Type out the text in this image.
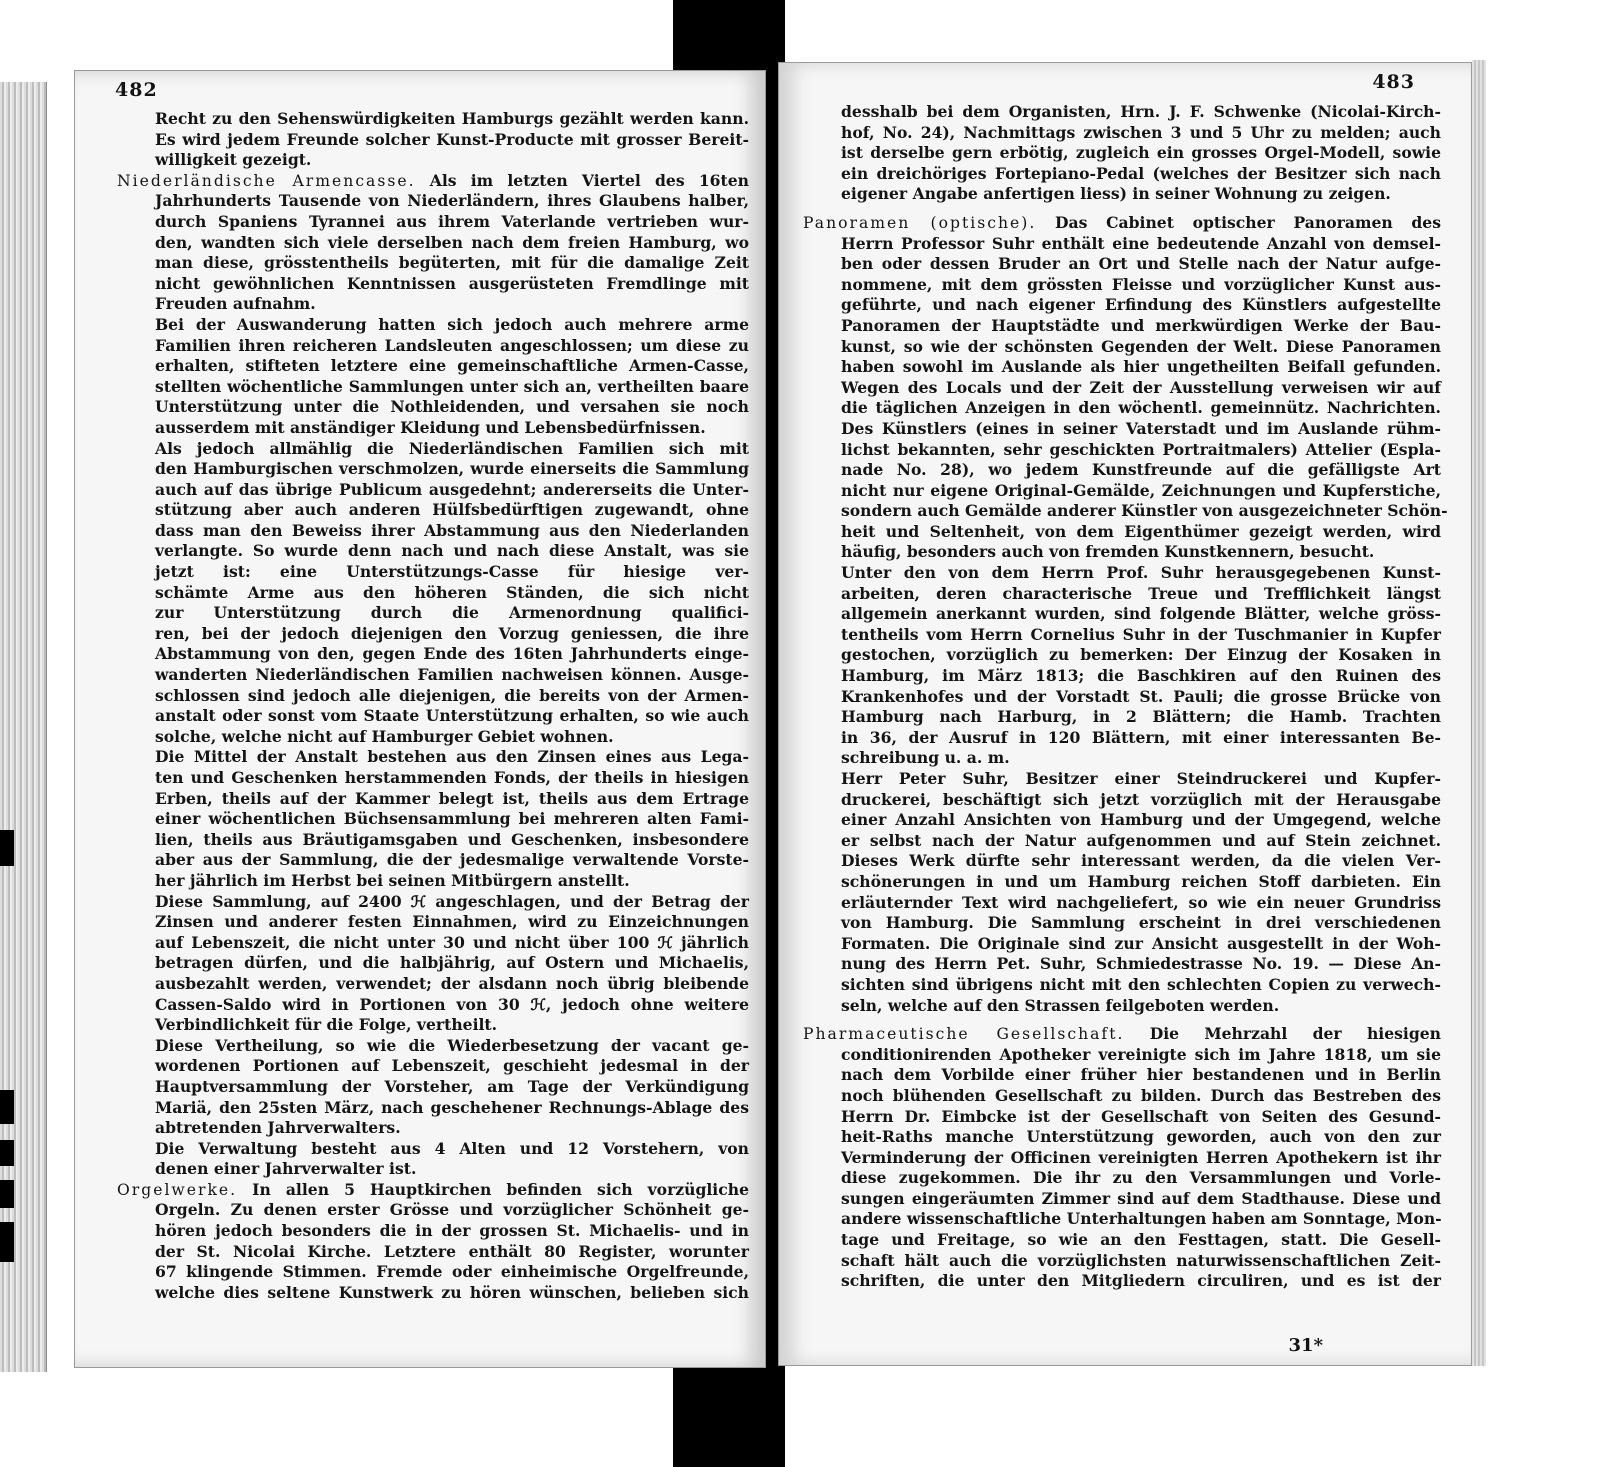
482
Recht zu den Sehenswürdigkeiten Hamburgs gezählt werden kann.
Es wird jedem Freunde solcher Kunst-Producte mit grosser Bereit-
willigkeit gezeigt.
Niederländische Armencasse. Als im letzten Viertel des 16ten
Jahrhunderts Tausende von Niederländern, ihres Glaubens halber,
durch Spaniens Tyrannei aus ihrem Vaterlande vertrieben wur-
den, wandten sich viele derselben nach dem freien Hamburg, wo
man diese, grösstentheils begüterten, mit für die damalige Zeit
nicht gewöhnlichen Kenntnissen ausgerüsteten Fremdlinge mit
Freuden aufnahm.
Bei der Auswanderung hatten sich jedoch auch mehrere arme
Familien ihren reicheren Landsleuten angeschlossen; um diese zu
erhalten, stifteten letztere eine gemeinschaftliche Armen-Casse,
stellten wöchentliche Sammlungen unter sich an, vertheilten baare
Unterstützung unter die Nothleidenden, und versahen sie noch
ausserdem mit anständiger Kleidung und Lebensbedürfnissen.
Als jedoch allmählig die Niederländischen Familien sich mit
den Hamburgischen verschmolzen, wurde einerseits die Sammlung
auch auf das übrige Publicum ausgedehnt; andererseits die Unter-
stützung aber auch anderen Hülfsbedürftigen zugewandt, ohne
dass man den Beweiss ihrer Abstammung aus den Niederlanden
verlangte. So wurde denn nach und nach diese Anstalt, was sie
jetzt ist: eine Unterstützungs-Casse für hiesige ver-
schämte Arme aus den höheren Ständen, die sich nicht
zur Unterstützung durch die Armenordnung qualifici-
ren, bei der jedoch diejenigen den Vorzug geniessen, die ihre
Abstammung von den, gegen Ende des 16ten Jahrhunderts einge-
wanderten Niederländischen Familien nachweisen können. Ausge-
schlossen sind jedoch alle diejenigen, die bereits von der Armen-
anstalt oder sonst vom Staate Unterstützung erhalten, so wie auch
solche, welche nicht auf Hamburger Gebiet wohnen.
Die Mittel der Anstalt bestehen aus den Zinsen eines aus Lega-
ten und Geschenken herstammenden Fonds, der theils in hiesigen
Erben, theils auf der Kammer belegt ist, theils aus dem Ertrage
einer wöchentlichen Büchsensammlung bei mehreren alten Fami-
lien, theils aus Bräutigamsgaben und Geschenken, insbesondere
aber aus der Sammlung, die der jedesmalige verwaltende Vorste-
her jährlich im Herbst bei seinen Mitbürgern anstellt.
Diese Sammlung, auf 2400 ℋ angeschlagen, und der Betrag der
Zinsen und anderer festen Einnahmen, wird zu Einzeichnungen
auf Lebenszeit, die nicht unter 30 und nicht über 100 ℋ jährlich
betragen dürfen, und die halbjährig, auf Ostern und Michaelis,
ausbezahlt werden, verwendet; der alsdann noch übrig bleibende
Cassen-Saldo wird in Portionen von 30 ℋ, jedoch ohne weitere
Verbindlichkeit für die Folge, vertheilt.
Diese Vertheilung, so wie die Wiederbesetzung der vacant ge-
wordenen Portionen auf Lebenszeit, geschieht jedesmal in der
Hauptversammlung der Vorsteher, am Tage der Verkündigung
Mariä, den 25sten März, nach geschehener Rechnungs-Ablage des
abtretenden Jahrverwalters.
Die Verwaltung besteht aus 4 Alten und 12 Vorstehern, von
denen einer Jahrverwalter ist.
Orgelwerke. In allen 5 Hauptkirchen befinden sich vorzügliche
Orgeln. Zu denen erster Grösse und vorzüglicher Schönheit ge-
hören jedoch besonders die in der grossen St. Michaelis- und in
der St. Nicolai Kirche. Letztere enthält 80 Register, worunter
67 klingende Stimmen. Fremde oder einheimische Orgelfreunde,
welche dies seltene Kunstwerk zu hören wünschen, belieben sich
483
desshalb bei dem Organisten, Hrn. J. F. Schwenke (Nicolai-Kirch-
hof, No. 24), Nachmittags zwischen 3 und 5 Uhr zu melden; auch
ist derselbe gern erbötig, zugleich ein grosses Orgel-Modell, sowie
ein dreichöriges Fortepiano-Pedal (welches der Besitzer sich nach
eigener Angabe anfertigen liess) in seiner Wohnung zu zeigen.
Panoramen (optische). Das Cabinet optischer Panoramen des
Herrn Professor Suhr enthält eine bedeutende Anzahl von demsel-
ben oder dessen Bruder an Ort und Stelle nach der Natur aufge-
nommene, mit dem grössten Fleisse und vorzüglicher Kunst aus-
geführte, und nach eigener Erfindung des Künstlers aufgestellte
Panoramen der Hauptstädte und merkwürdigen Werke der Bau-
kunst, so wie der schönsten Gegenden der Welt. Diese Panoramen
haben sowohl im Auslande als hier ungetheilten Beifall gefunden.
Wegen des Locals und der Zeit der Ausstellung verweisen wir auf
die täglichen Anzeigen in den wöchentl. gemeinnütz. Nachrichten.
Des Künstlers (eines in seiner Vaterstadt und im Auslande rühm-
lichst bekannten, sehr geschickten Portraitmalers) Attelier (Espla-
nade No. 28), wo jedem Kunstfreunde auf die gefälligste Art
nicht nur eigene Original-Gemälde, Zeichnungen und Kupferstiche,
sondern auch Gemälde anderer Künstler von ausgezeichneter Schön-
heit und Seltenheit, von dem Eigenthümer gezeigt werden, wird
häufig, besonders auch von fremden Kunstkennern, besucht.
Unter den von dem Herrn Prof. Suhr herausgegebenen Kunst-
arbeiten, deren characterische Treue und Trefflichkeit längst
allgemein anerkannt wurden, sind folgende Blätter, welche gröss-
tentheils vom Herrn Cornelius Suhr in der Tuschmanier in Kupfer
gestochen, vorzüglich zu bemerken: Der Einzug der Kosaken in
Hamburg, im März 1813; die Baschkiren auf den Ruinen des
Krankenhofes und der Vorstadt St. Pauli; die grosse Brücke von
Hamburg nach Harburg, in 2 Blättern; die Hamb. Trachten
in 36, der Ausruf in 120 Blättern, mit einer interessanten Be-
schreibung u. a. m.
Herr Peter Suhr, Besitzer einer Steindruckerei und Kupfer-
druckerei, beschäftigt sich jetzt vorzüglich mit der Herausgabe
einer Anzahl Ansichten von Hamburg und der Umgegend, welche
er selbst nach der Natur aufgenommen und auf Stein zeichnet.
Dieses Werk dürfte sehr interessant werden, da die vielen Ver-
schönerungen in und um Hamburg reichen Stoff darbieten. Ein
erläuternder Text wird nachgeliefert, so wie ein neuer Grundriss
von Hamburg. Die Sammlung erscheint in drei verschiedenen
Formaten. Die Originale sind zur Ansicht ausgestellt in der Woh-
nung des Herrn Pet. Suhr, Schmiedestrasse No. 19. — Diese An-
sichten sind übrigens nicht mit den schlechten Copien zu verwech-
seln, welche auf den Strassen feilgeboten werden.
Pharmaceutische Gesellschaft. Die Mehrzahl der hiesigen
conditionirenden Apotheker vereinigte sich im Jahre 1818, um sie
nach dem Vorbilde einer früher hier bestandenen und in Berlin
noch blühenden Gesellschaft zu bilden. Durch das Bestreben des
Herrn Dr. Eimbcke ist der Gesellschaft von Seiten des Gesund-
heit-Raths manche Unterstützung geworden, auch von den zur
Verminderung der Officinen vereinigten Herren Apothekern ist ihr
diese zugekommen. Die ihr zu den Versammlungen und Vorle-
sungen eingeräumten Zimmer sind auf dem Stadthause. Diese und
andere wissenschaftliche Unterhaltungen haben am Sonntage, Mon-
tage und Freitage, so wie an den Festtagen, statt. Die Gesell-
schaft hält auch die vorzüglichsten naturwissenschaftlichen Zeit-
schriften, die unter den Mitgliedern circuliren, und es ist der
31*
